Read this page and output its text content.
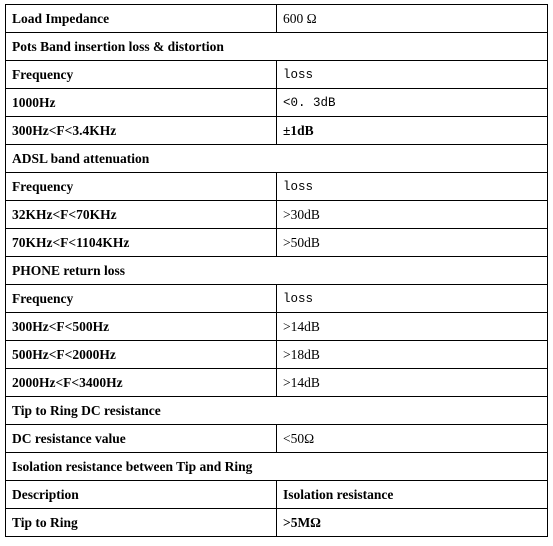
Load Impedance	600 Ω
Pots Band insertion loss & distortion	
Frequency	loss
1000Hz	<0. 3dB
300Hz<F<3.4KHz	±1dB
ADSL band attenuation	
Frequency	loss
32KHz<F<70KHz	>30dB
70KHz<F<1104KHz	>50dB
PHONE return loss	
Frequency	loss
300Hz<F<500Hz	>14dB
500Hz<F<2000Hz	>18dB
2000Hz<F<3400Hz	>14dB
Tip to Ring DC resistance	
DC resistance value	<50Ω
Isolation resistance between Tip and Ring	
Description	Isolation resistance
Tip to Ring	>5MΩ
